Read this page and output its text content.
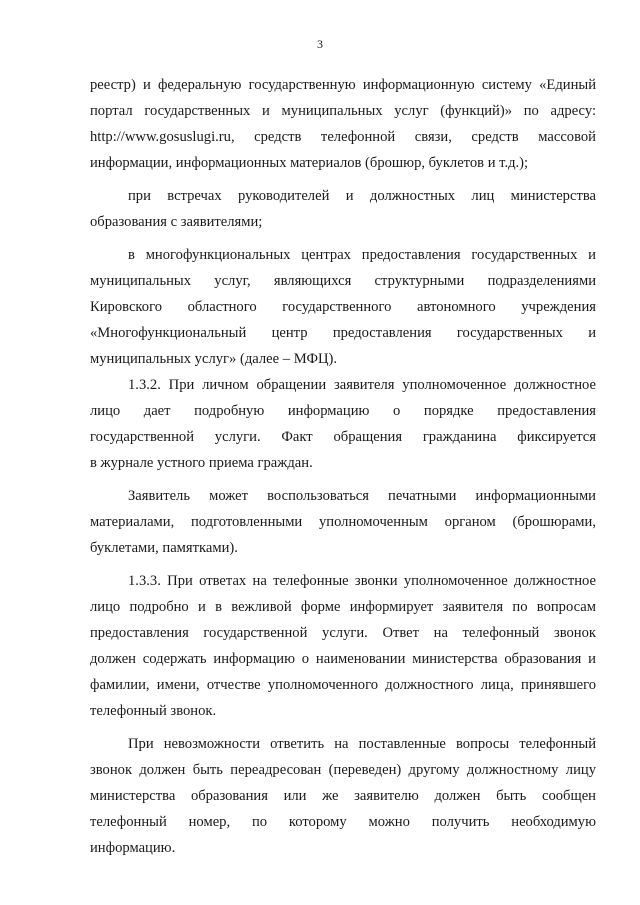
3
реестр) и федеральную государственную информационную систему «Единый
портал государственных и муниципальных услуг (функций)» по адресу:
http://www.gosuslugi.ru, средств телефонной связи, средств массовой
информации, информационных материалов (брошюр, буклетов и т.д.);
при встречах руководителей и должностных лиц министерства
образования с заявителями;
в многофункциональных центрах предоставления государственных и
муниципальных услуг, являющихся структурными подразделениями
Кировского областного государственного автономного учреждения
«Многофункциональный центр предоставления государственных и
муниципальных услуг» (далее – МФЦ).
1.3.2. При личном обращении заявителя уполномоченное должностное
лицо дает подробную информацию о порядке предоставления
государственной услуги. Факт обращения гражданина фиксируется
в журнале устного приема граждан.
Заявитель может воспользоваться печатными информационными
материалами, подготовленными уполномоченным органом (брошюрами,
буклетами, памятками).
1.3.3. При ответах на телефонные звонки уполномоченное должностное
лицо подробно и в вежливой форме информирует заявителя по вопросам
предоставления государственной услуги. Ответ на телефонный звонок
должен содержать информацию о наименовании министерства образования и
фамилии, имени, отчестве уполномоченного должностного лица, принявшего
телефонный звонок.
При невозможности ответить на поставленные вопросы телефонный
звонок должен быть переадресован (переведен) другому должностному лицу
министерства образования или же заявителю должен быть сообщен
телефонный номер, по которому можно получить необходимую
информацию.
